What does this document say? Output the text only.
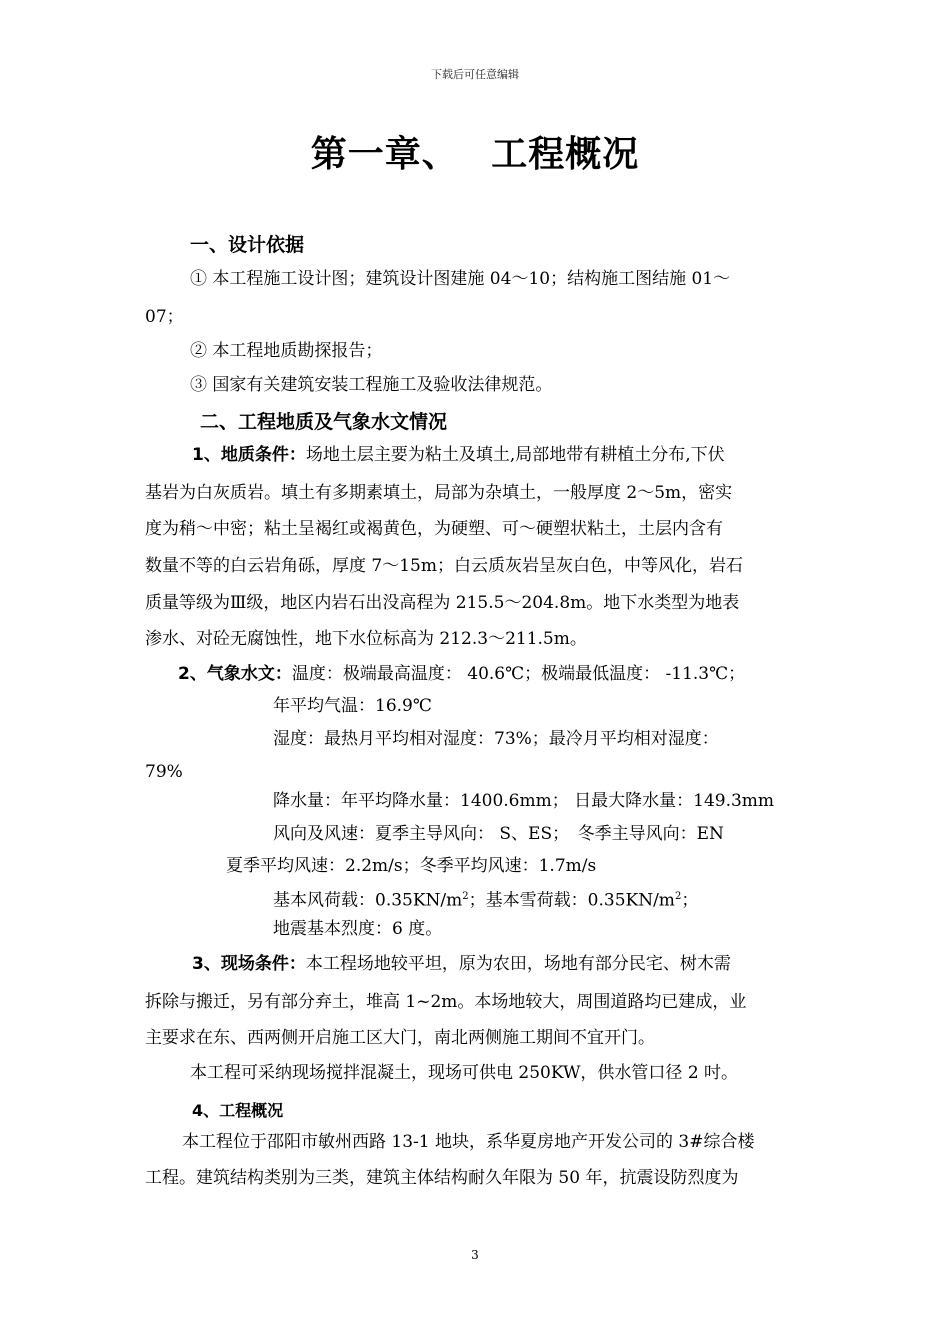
下载后可任意编辑
第一章、　 工程概况
一、设计依据
① 本工程施工设计图；建筑设计图建施 04～10；结构施工图结施 01～
07；
② 本工程地质勘探报告；
③ 国家有关建筑安装工程施工及验收法律规范。
二、工程地质及气象水文情况
1、地质条件：场地土层主要为粘土及填土,局部地带有耕植土分布,下伏
基岩为白灰质岩。填土有多期素填土，局部为杂填土，一般厚度 2～5m，密实
度为稍～中密；粘土呈褐红或褐黄色，为硬塑、可～硬塑状粘土，土层内含有
数量不等的白云岩角砾，厚度 7～15m；白云质灰岩呈灰白色，中等风化，岩石
质量等级为Ⅲ级，地区内岩石出没高程为 215.5～204.8m。地下水类型为地表
渗水、对砼无腐蚀性，地下水位标高为 212.3～211.5m。
2、气象水文：温度：极端最高温度： 40.6℃；极端最低温度： -11.3℃；
年平均气温：16.9℃
湿度：最热月平均相对湿度：73%；最冷月平均相对湿度：
79%
降水量：年平均降水量：1400.6mm； 日最大降水量：149.3mm
风向及风速：夏季主导风向： S、ES；　冬季主导风向：EN
夏季平均风速：2.2m/s；冬季平均风速：1.7m/s
基本风荷载：$0.35KN/m^2$；基本雪荷载：$0.35KN/m^2$；
地震基本烈度：6 度。
3、现场条件：本工程场地较平坦，原为农田，场地有部分民宅、树木需
拆除与搬迁，另有部分弃土，堆高 1~2m。本场地较大，周围道路均已建成，业
主要求在东、西两侧开启施工区大门，南北两侧施工期间不宜开门。
本工程可采纳现场搅拌混凝土，现场可供电 250KW，供水管口径 2 吋。
4、工程概况
本工程位于邵阳市敏州西路 13-1 地块，系华夏房地产开发公司的 3#综合楼
工程。建筑结构类别为三类，建筑主体结构耐久年限为 50 年，抗震设防烈度为
3
